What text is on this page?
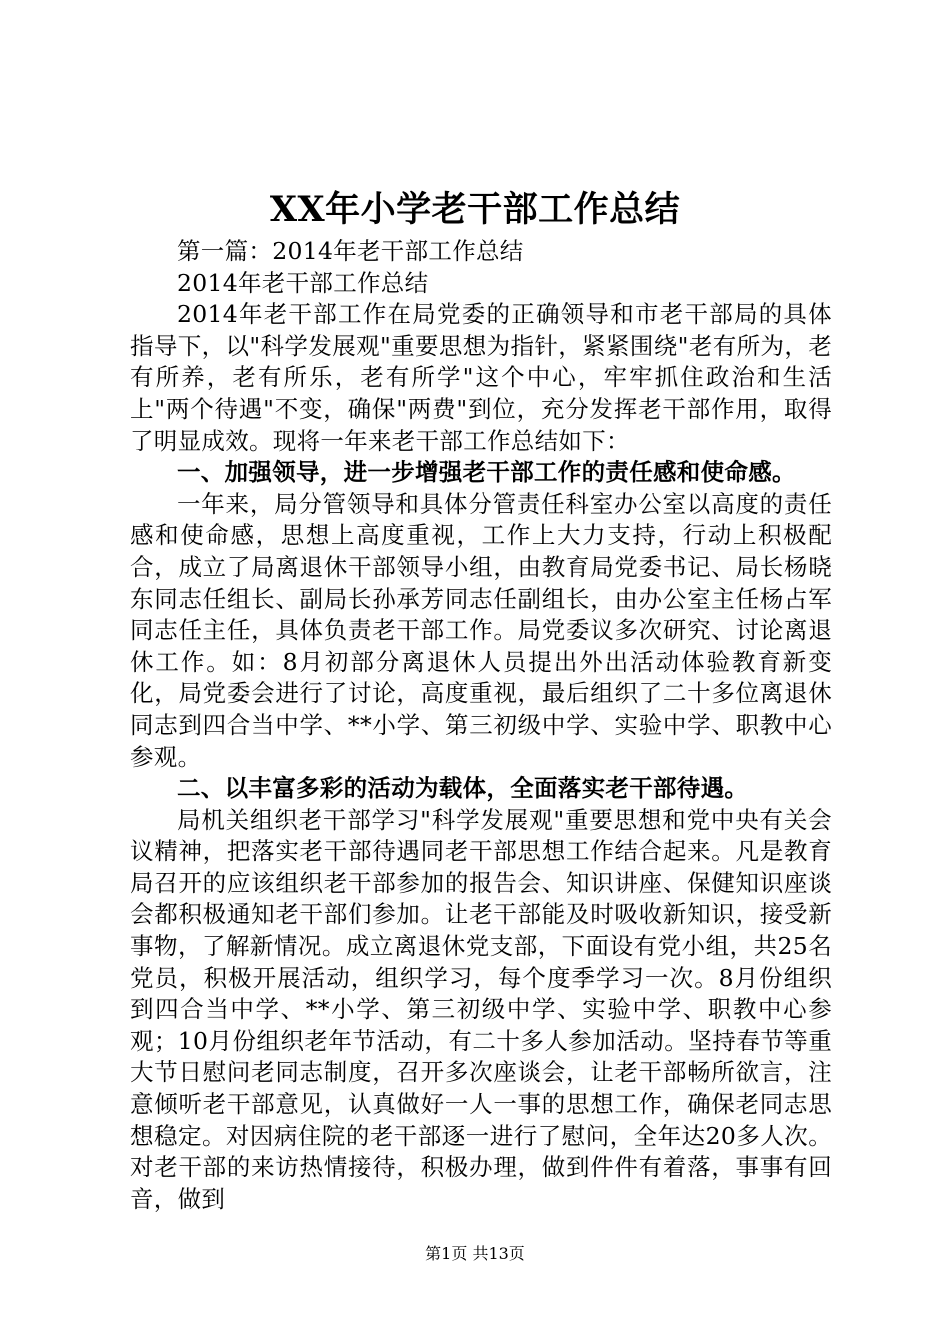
XX年小学老干部工作总结

第一篇：2014年老干部工作总结

2014年老干部工作总结

2014年老干部工作在局党委的正确领导和市老干部局的具体指导下，以"科学发展观"重要思想为指针，紧紧围绕"老有所为，老有所养，老有所乐，老有所学"这个中心，牢牢抓住政治和生活上"两个待遇"不变，确保"两费"到位，充分发挥老干部作用，取得了明显成效。现将一年来老干部工作总结如下：

一、加强领导，进一步增强老干部工作的责任感和使命感。

一年来，局分管领导和具体分管责任科室办公室以高度的责任感和使命感，思想上高度重视，工作上大力支持，行动上积极配合，成立了局离退休干部领导小组，由教育局党委书记、局长杨晓东同志任组长、副局长孙承芳同志任副组长，由办公室主任杨占军同志任主任，具体负责老干部工作。局党委议多次研究、讨论离退休工作。如：8月初部分离退休人员提出外出活动体验教育新变化，局党委会进行了讨论，高度重视，最后组织了二十多位离退休同志到四合当中学、**小学、第三初级中学、实验中学、职教中心参观。

二、以丰富多彩的活动为载体，全面落实老干部待遇。

局机关组织老干部学习"科学发展观"重要思想和党中央有关会议精神，把落实老干部待遇同老干部思想工作结合起来。凡是教育局召开的应该组织老干部参加的报告会、知识讲座、保健知识座谈会都积极通知老干部们参加。让老干部能及时吸收新知识，接受新事物，了解新情况。成立离退休党支部，下面设有党小组，共25名党员，积极开展活动，组织学习，每个度季学习一次。8月份组织到四合当中学、**小学、第三初级中学、实验中学、职教中心参观；10月份组织老年节活动，有二十多人参加活动。坚持春节等重大节日慰问老同志制度，召开多次座谈会，让老干部畅所欲言，注意倾听老干部意见，认真做好一人一事的思想工作，确保老同志思想稳定。对因病住院的老干部逐一进行了慰问，全年达20多人次。对老干部的来访热情接待，积极办理，做到件件有着落，事事有回音，做到

第1页 共13页
